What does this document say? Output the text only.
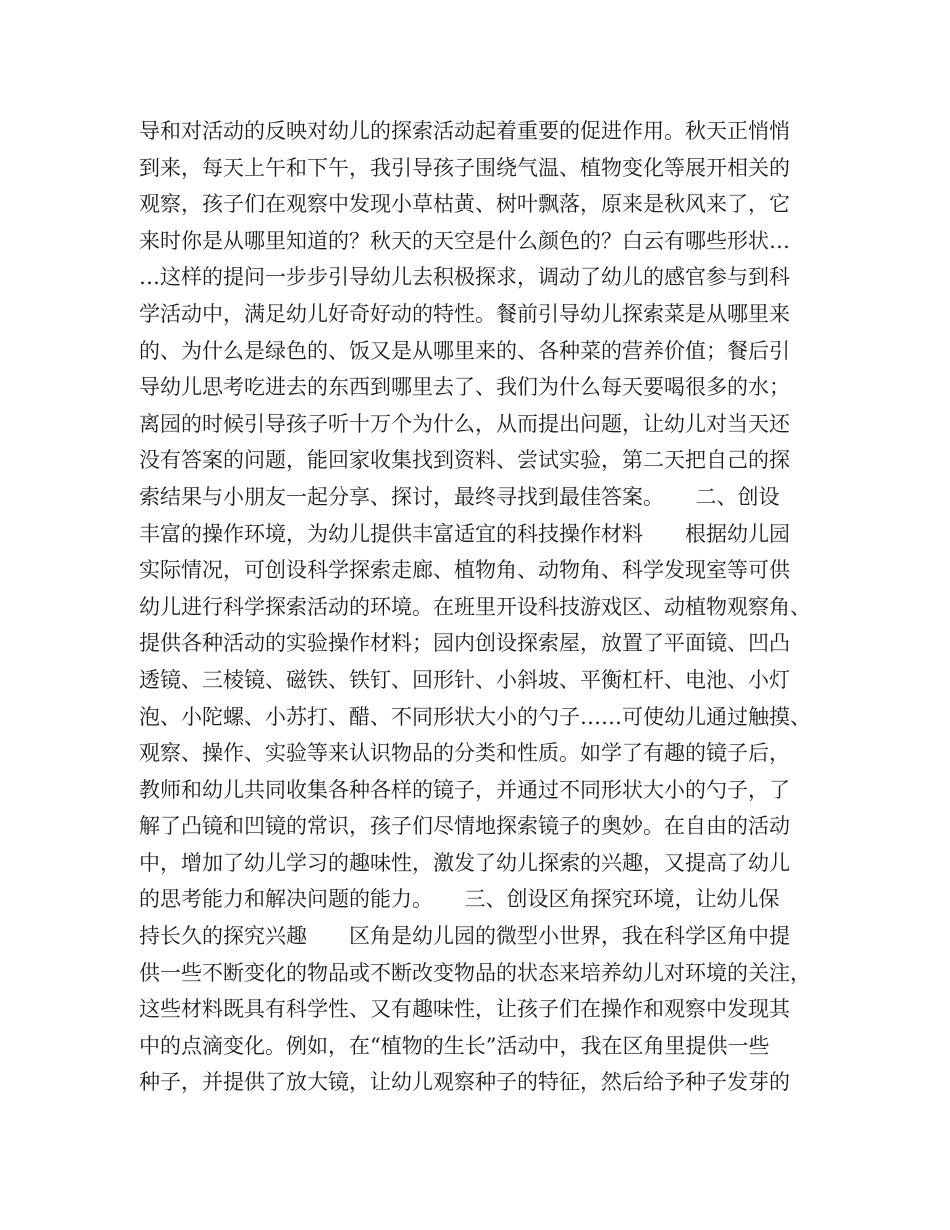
导和对活动的反映对幼儿的探索活动起着重要的促进作用。秋天正悄悄
到来，每天上午和下午，我引导孩子围绕气温、植物变化等展开相关的
观察，孩子们在观察中发现小草枯黄、树叶飘落，原来是秋风来了，它
来时你是从哪里知道的？秋天的天空是什么颜色的？白云有哪些形状…
…这样的提问一步步引导幼儿去积极探求，调动了幼儿的感官参与到科
学活动中，满足幼儿好奇好动的特性。餐前引导幼儿探索菜是从哪里来
的、为什么是绿色的、饭又是从哪里来的、各种菜的营养价值；餐后引
导幼儿思考吃进去的东西到哪里去了、我们为什么每天要喝很多的水；
离园的时候引导孩子听十万个为什么，从而提出问题，让幼儿对当天还
没有答案的问题，能回家收集找到资料、尝试实验，第二天把自己的探
索结果与小朋友一起分享、探讨，最终寻找到最佳答案。　　二、创设
丰富的操作环境，为幼儿提供丰富适宜的科技操作材料　　根据幼儿园
实际情况，可创设科学探索走廊、植物角、动物角、科学发现室等可供
幼儿进行科学探索活动的环境。在班里开设科技游戏区、动植物观察角、
提供各种活动的实验操作材料；园内创设探索屋，放置了平面镜、凹凸
透镜、三棱镜、磁铁、铁钉、回形针、小斜坡、平衡杠杆、电池、小灯
泡、小陀螺、小苏打、醋、不同形状大小的勺子……可使幼儿通过触摸、
观察、操作、实验等来认识物品的分类和性质。如学了有趣的镜子后，
教师和幼儿共同收集各种各样的镜子，并通过不同形状大小的勺子，了
解了凸镜和凹镜的常识，孩子们尽情地探索镜子的奥妙。在自由的活动
中，增加了幼儿学习的趣味性，激发了幼儿探索的兴趣，又提高了幼儿
的思考能力和解决问题的能力。　　三、创设区角探究环境，让幼儿保
持长久的探究兴趣　　区角是幼儿园的微型小世界，我在科学区角中提
供一些不断变化的物品或不断改变物品的状态来培养幼儿对环境的关注，
这些材料既具有科学性、又有趣味性，让孩子们在操作和观察中发现其
中的点滴变化。例如，在“植物的生长”活动中，我在区角里提供一些
种子，并提供了放大镜，让幼儿观察种子的特征，然后给予种子发芽的
